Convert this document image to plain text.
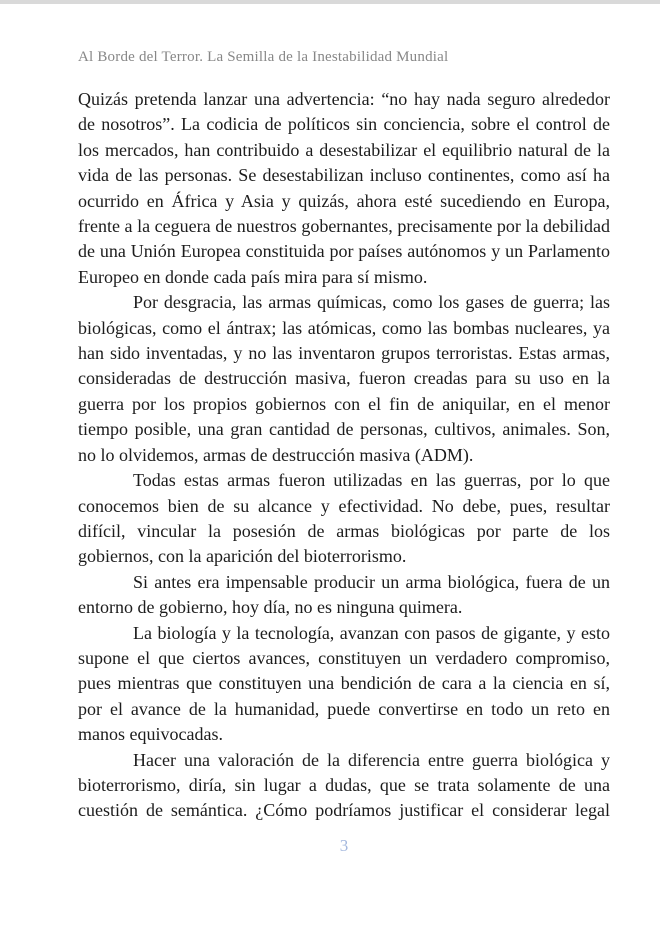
Al Borde del Terror. La Semilla de la Inestabilidad Mundial

Quizás pretenda lanzar una advertencia: “no hay nada seguro alrededor de nosotros”. La codicia de políticos sin conciencia, sobre el control de los mercados, han contribuido a desestabilizar el equilibrio natural de la vida de las personas. Se desestabilizan incluso continentes, como así ha ocurrido en África y Asia y quizás, ahora esté sucediendo en Europa, frente a la ceguera de nuestros gobernantes, precisamente por la debilidad de una Unión Europea constituida por países autónomos y un Parlamento Europeo en donde cada país mira para sí mismo.

Por desgracia, las armas químicas, como los gases de guerra; las biológicas, como el ántrax; las atómicas, como las bombas nucleares, ya han sido inventadas, y no las inventaron grupos terroristas. Estas armas, consideradas de destrucción masiva, fueron creadas para su uso en la guerra por los propios gobiernos con el fin de aniquilar, en el menor tiempo posible, una gran cantidad de personas, cultivos, animales. Son, no lo olvidemos, armas de destrucción masiva (ADM).

Todas estas armas fueron utilizadas en las guerras, por lo que conocemos bien de su alcance y efectividad. No debe, pues, resultar difícil, vincular la posesión de armas biológicas por parte de los gobiernos, con la aparición del bioterrorismo.

Si antes era impensable producir un arma biológica, fuera de un entorno de gobierno, hoy día, no es ninguna quimera.

La biología y la tecnología, avanzan con pasos de gigante, y esto supone el que ciertos avances, constituyen un verdadero compromiso, pues mientras que constituyen una bendición de cara a la ciencia en sí, por el avance de la humanidad, puede convertirse en todo un reto en manos equivocadas.

Hacer una valoración de la diferencia entre guerra biológica y bioterrorismo, diría, sin lugar a dudas, que se trata solamente de una cuestión de semántica. ¿Cómo podríamos justificar el considerar legal

3
